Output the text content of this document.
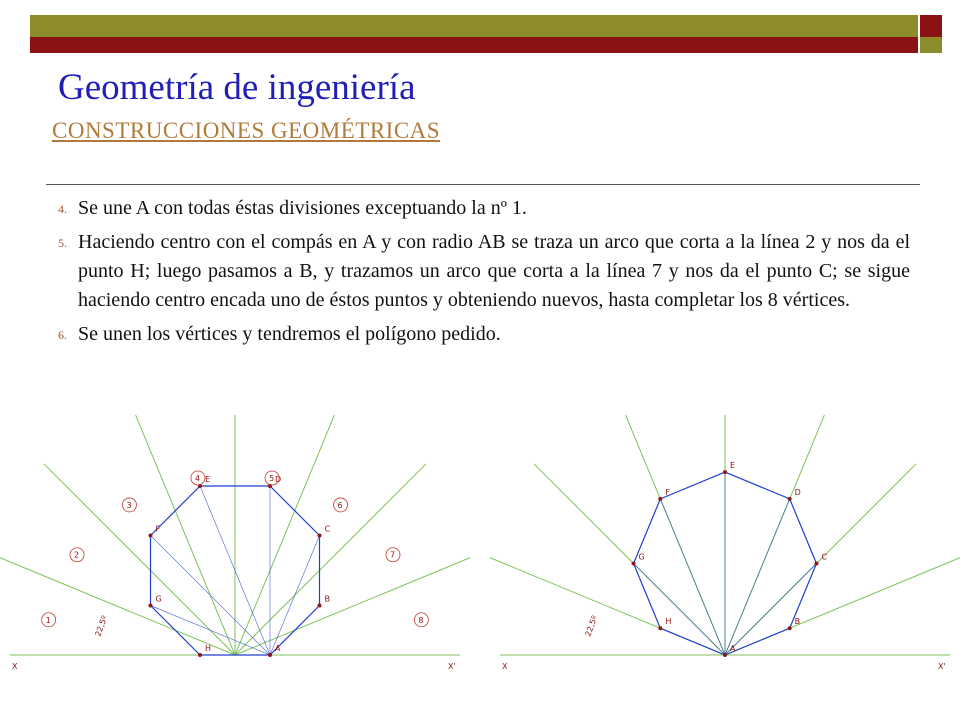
Geometría de ingeniería
CONSTRUCCIONES GEOMÉTRICAS
4. Se une A con todas éstas divisiones exceptuando la nº 1.
5. Haciendo centro con el compás en A y con radio AB se traza un arco que corta a la línea 2 y nos da el punto H; luego pasamos a B, y trazamos un arco que corta a la línea 7 y nos da el punto C; se sigue haciendo centro encada uno de éstos puntos y obteniendo nuevos, hasta completar los 8 vértices.
6. Se unen los vértices y tendremos el polígono pedido.
X	X'
22,5º
A
B
C
D
E
F
G
H
1
2
3
4	5
6
7
8
X	X'
22,5º
A
B
C
D
E
F
G
H
